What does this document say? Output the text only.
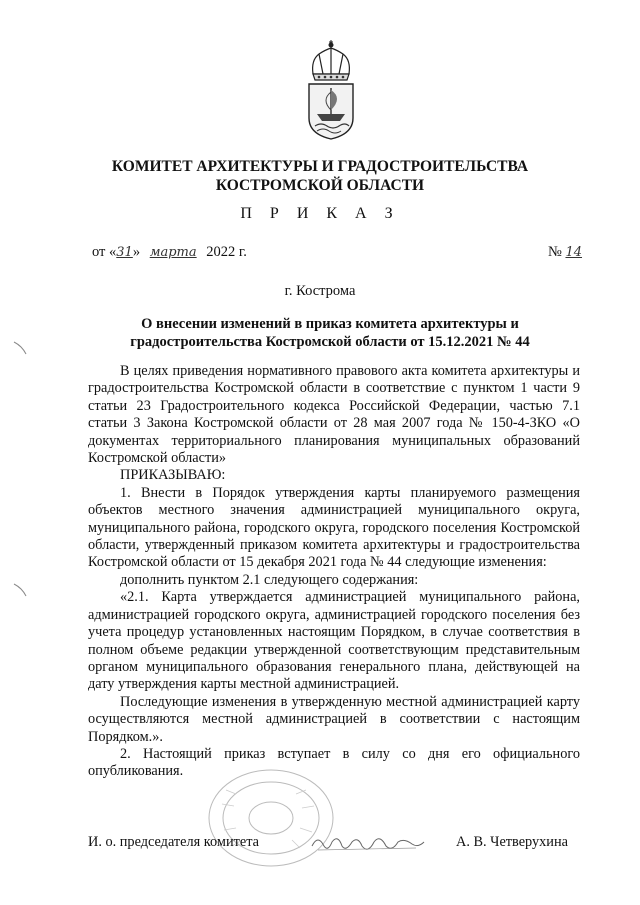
КОМИТЕТ АРХИТЕКТУРЫ И ГРАДОСТРОИТЕЛЬСТВА
КОСТРОМСКОЙ ОБЛАСТИ
П Р И К А З
от «31» марта 2022 г.	№ 14
г. Кострома
О внесении изменений в приказ комитета архитектуры и
градостроительства Костромской области от 15.12.2021 № 44

В целях приведения нормативного правового акта комитета архитектуры и градостроительства Костромской области в соответствие с пунктом 1 части 9 статьи 23 Градостроительного кодекса Российской Федерации, частью 7.1 статьи 3 Закона Костромской области от 28 мая 2007 года № 150-4-ЗКО «О документах территориального планирования муниципальных образований Костромской области»

ПРИКАЗЫВАЮ:

1. Внести в Порядок утверждения карты планируемого размещения объектов местного значения администрацией муниципального округа, муниципального района, городского округа, городского поселения Костромской области, утвержденный приказом комитета архитектуры и градостроительства Костромской области от 15 декабря 2021 года № 44 следующие изменения:

дополнить пунктом 2.1 следующего содержания:

«2.1. Карта утверждается администрацией муниципального района, администрацией городского округа, администрацией городского поселения без учета процедур установленных настоящим Порядком, в случае соответствия в полном объеме редакции утвержденной соответствующим представительным органом муниципального образования генерального плана, действующей на дату утверждения карты местной администрацией.

Последующие изменения в утвержденную местной администрацией карту осуществляются местной администрацией в соответствии с настоящим Порядком.».

2. Настоящий приказ вступает в силу со дня его официального опубликования.

И. о. председателя комитета	А. В. Четверухина
